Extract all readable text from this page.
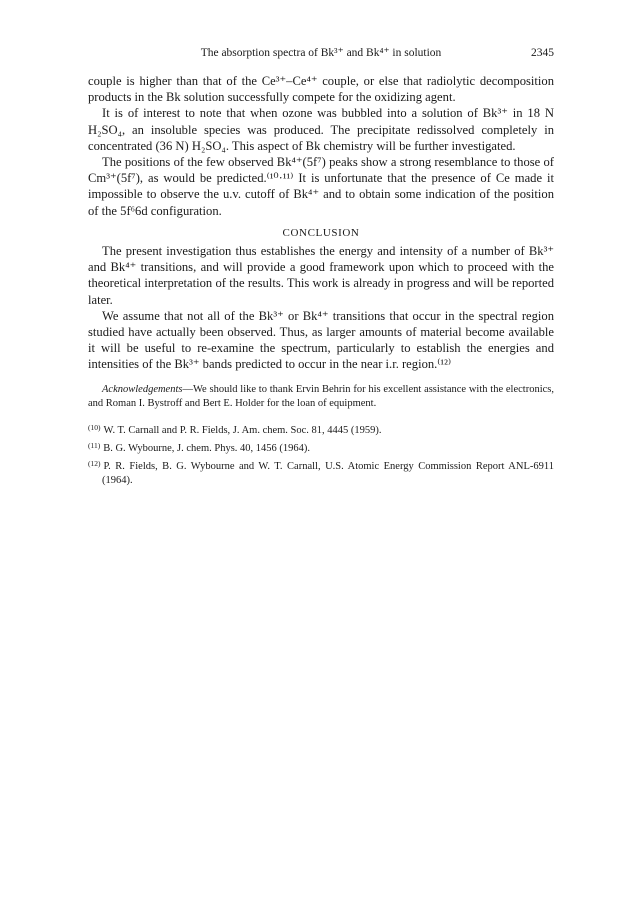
The absorption spectra of Bk³⁺ and Bk⁴⁺ in solution	2345

couple is higher than that of the Ce³⁺–Ce⁴⁺ couple, or else that radiolytic decomposition products in the Bk solution successfully compete for the oxidizing agent.

It is of interest to note that when ozone was bubbled into a solution of Bk³⁺ in 18 N H₂SO₄, an insoluble species was produced. The precipitate redissolved completely in concentrated (36 N) H₂SO₄. This aspect of Bk chemistry will be further investigated.

The positions of the few observed Bk⁴⁺(5f⁷) peaks show a strong resemblance to those of Cm³⁺(5f⁷), as would be predicted.⁽¹⁰·¹¹⁾ It is unfortunate that the presence of Ce made it impossible to observe the u.v. cutoff of Bk⁴⁺ and to obtain some indication of the position of the 5f⁶6d configuration.

CONCLUSION

The present investigation thus establishes the energy and intensity of a number of Bk³⁺ and Bk⁴⁺ transitions, and will provide a good framework upon which to proceed with the theoretical interpretation of the results. This work is already in progress and will be reported later.

We assume that not all of the Bk³⁺ or Bk⁴⁺ transitions that occur in the spectral region studied have actually been observed. Thus, as larger amounts of material become available it will be useful to re-examine the spectrum, particularly to establish the energies and intensities of the Bk³⁺ bands predicted to occur in the near i.r. region.⁽¹²⁾

Acknowledgements—We should like to thank Ervin Behrin for his excellent assistance with the electronics, and Roman I. Bystroff and Bert E. Holder for the loan of equipment.

$^{(10)}$ W. T. Carnall and P. R. Fields, J. Am. chem. Soc. 81, 4445 (1959).
$^{(11)}$ B. G. Wybourne, J. chem. Phys. 40, 1456 (1964).
$^{(12)}$ P. R. Fields, B. G. Wybourne and W. T. Carnall, U.S. Atomic Energy Commission Report ANL-6911 (1964).
